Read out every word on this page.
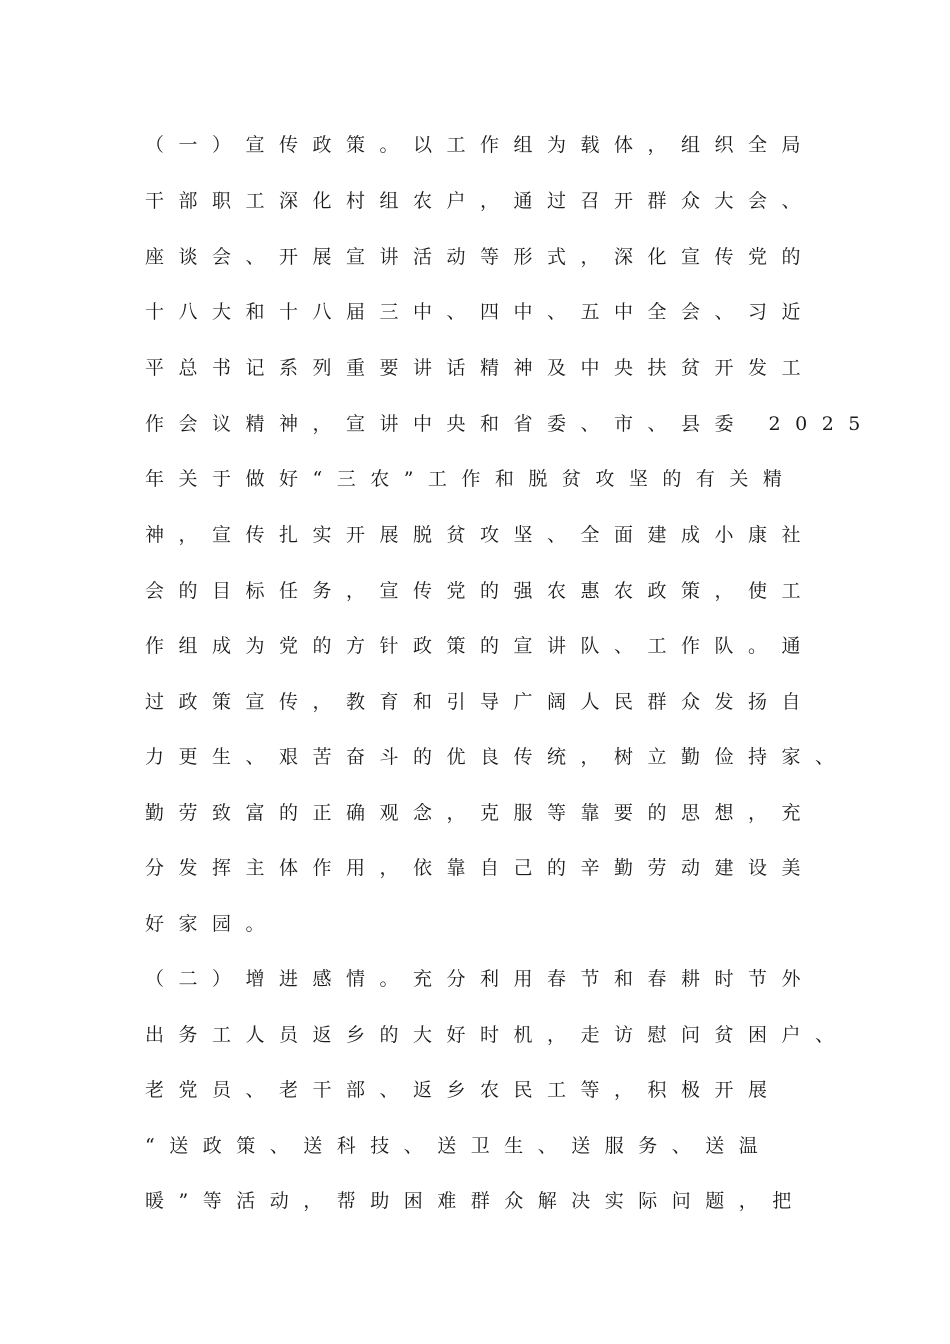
（一）宣传政策。以工作组为载体，组织全局

干部职工深化村组农户，通过召开群众大会、

座谈会、开展宣讲活动等形式，深化宣传党的

十八大和十八届三中、四中、五中全会、习近

平总书记系列重要讲话精神及中央扶贫开发工

作会议精神，宣讲中央和省委、市、县委 2025

年关于做好“三农”工作和脱贫攻坚的有关精

神，宣传扎实开展脱贫攻坚、全面建成小康社

会的目标任务，宣传党的强农惠农政策，使工

作组成为党的方针政策的宣讲队、工作队。通

过政策宣传，教育和引导广阔人民群众发扬自

力更生、艰苦奋斗的优良传统，树立勤俭持家、

勤劳致富的正确观念，克服等靠要的思想，充

分发挥主体作用，依靠自己的辛勤劳动建设美

好家园。

（二）增进感情。充分利用春节和春耕时节外

出务工人员返乡的大好时机，走访慰问贫困户、

老党员、老干部、返乡农民工等，积极开展

“送政策、送科技、送卫生、送服务、送温

暖”等活动，帮助困难群众解决实际问题，把
